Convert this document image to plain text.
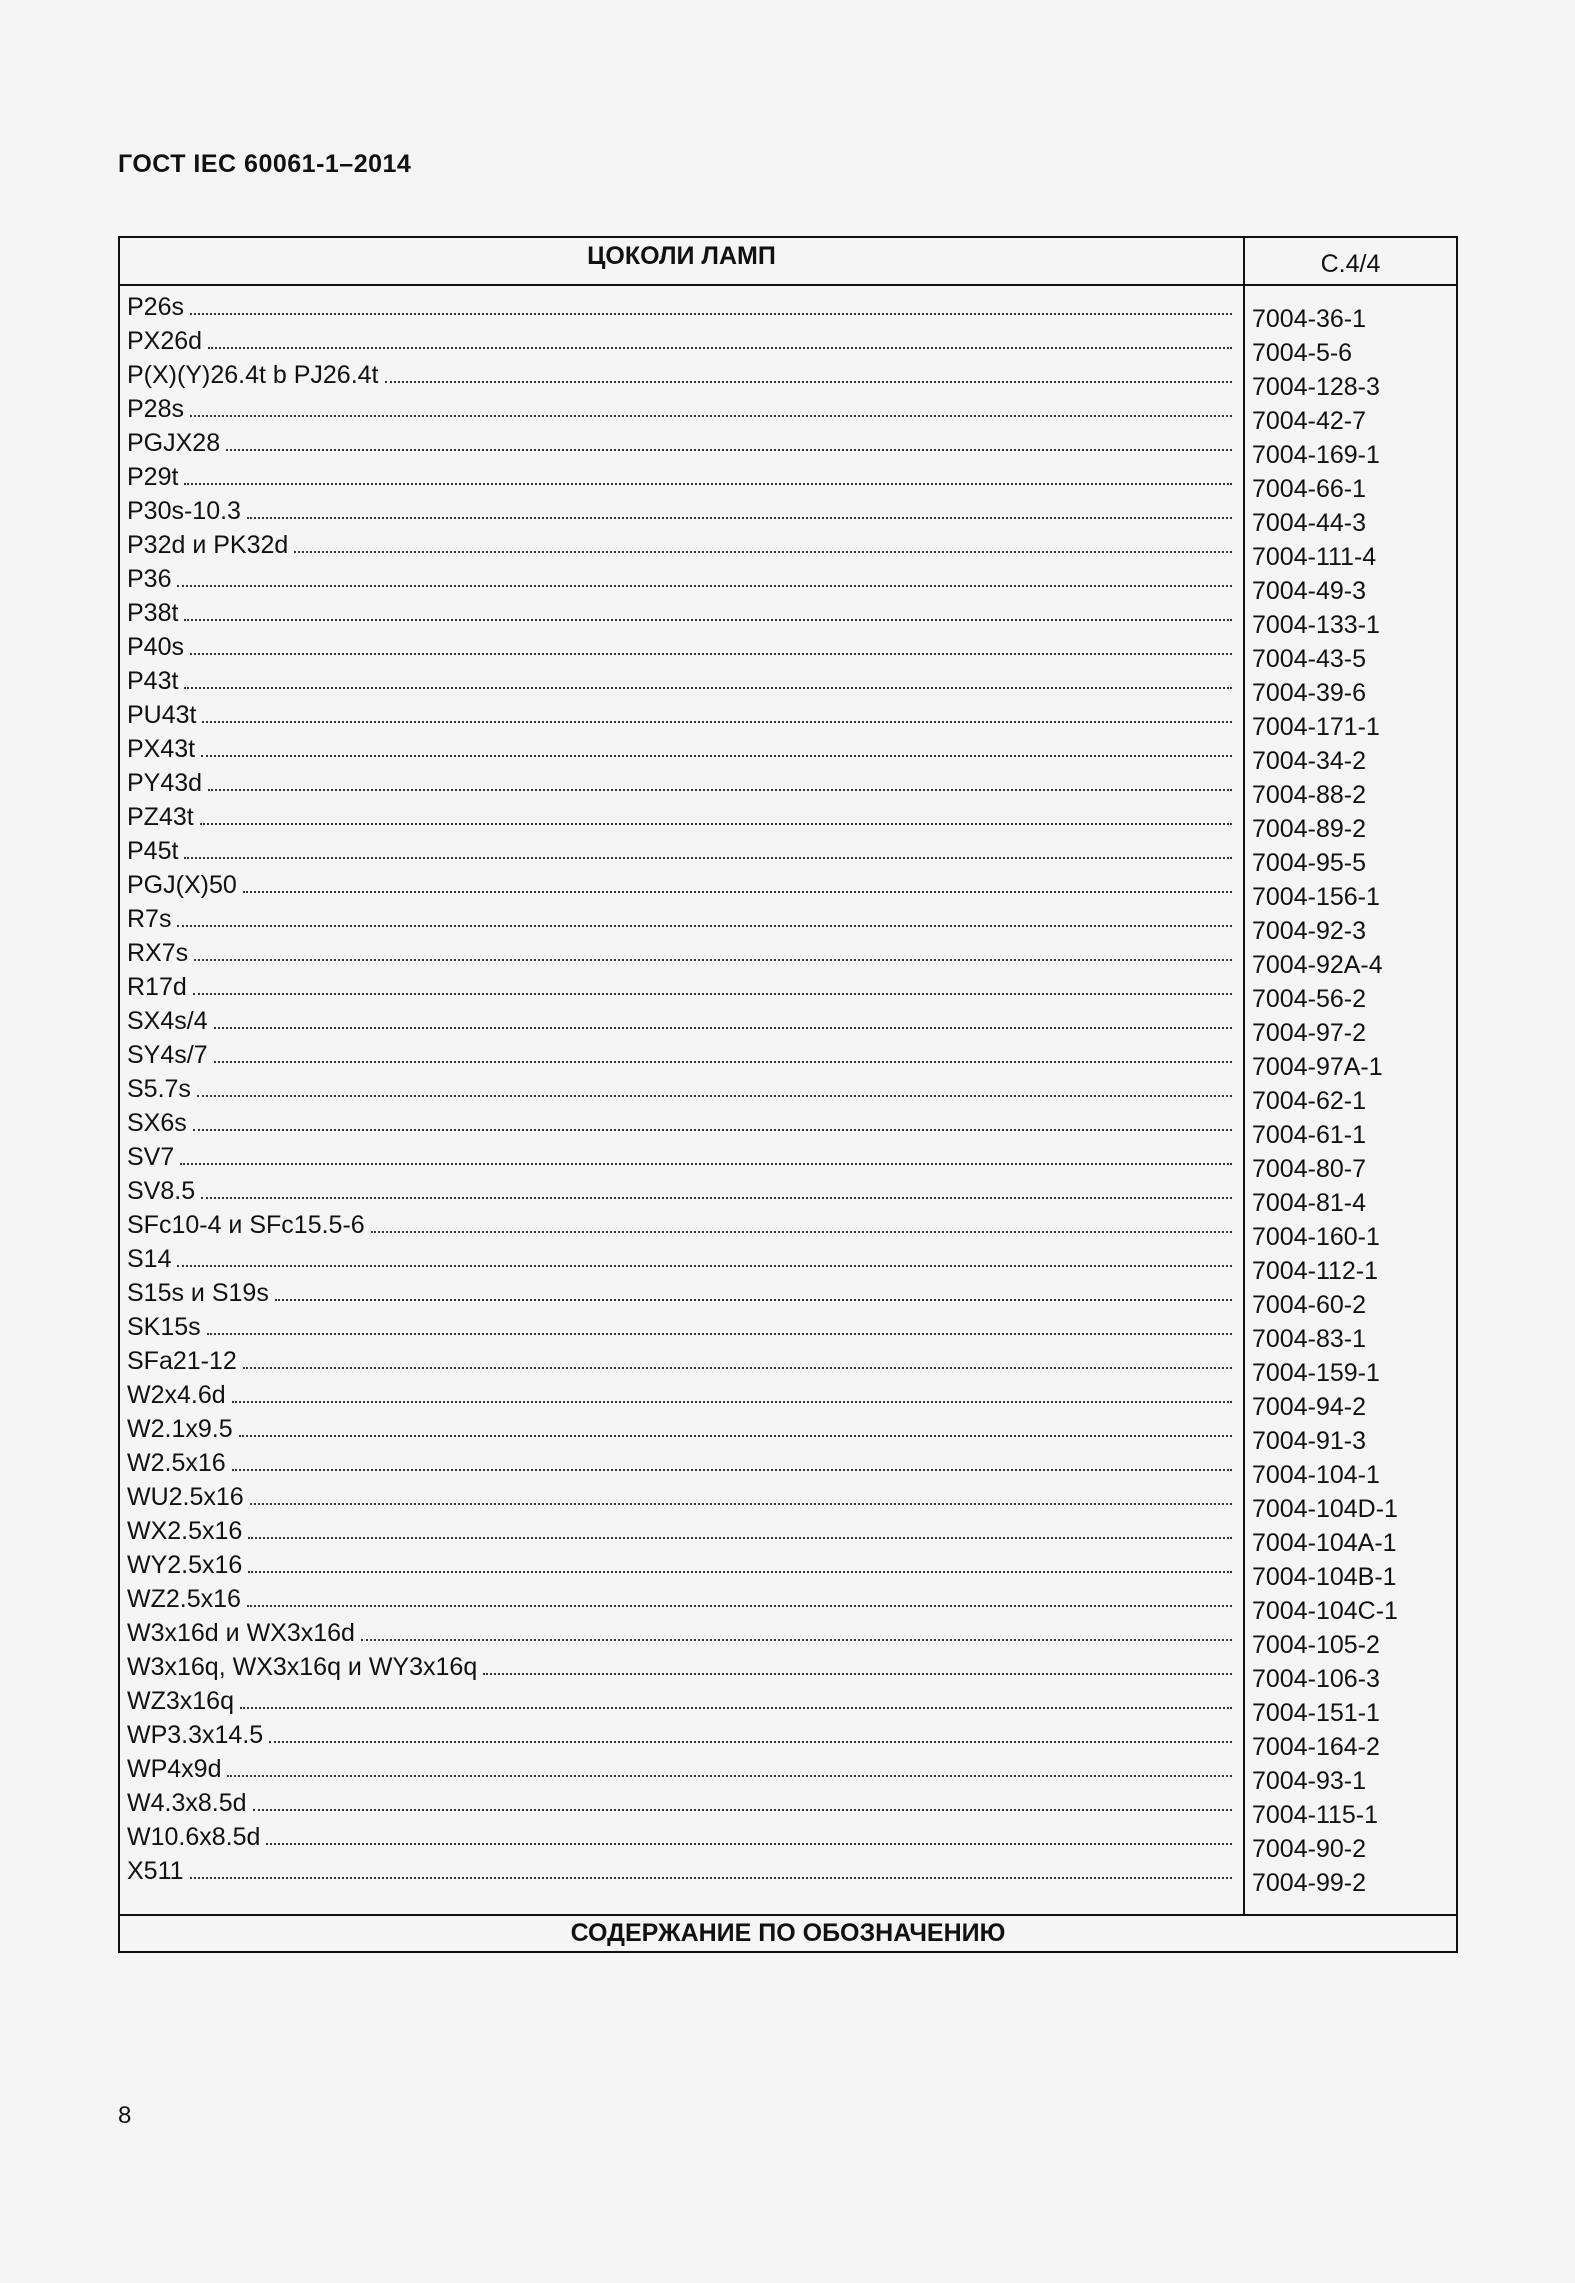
ГОСТ IEC 60061-1–2014
ЦОКОЛИ ЛАМП	C.4/4
P26s
PX26d
P(X)(Y)26.4t b PJ26.4t
P28s
PGJX28
P29t
P30s-10.3
P32d и PK32d
P36
P38t
P40s
P43t
PU43t
PX43t
PY43d
PZ43t
P45t
PGJ(X)50
R7s
RX7s
R17d
SX4s/4
SY4s/7
S5.7s
SX6s
SV7
SV8.5
SFc10-4 и SFc15.5-6
S14
S15s и S19s
SK15s
SFa21-12
W2x4.6d
W2.1x9.5
W2.5x16
WU2.5x16
WX2.5x16
WY2.5x16
WZ2.5x16
W3x16d и WX3x16d
W3x16q, WX3x16q и WY3x16q
WZ3x16q
WP3.3x14.5
WP4x9d
W4.3x8.5d
W10.6x8.5d
X511
7004-36-1
7004-5-6
7004-128-3
7004-42-7
7004-169-1
7004-66-1
7004-44-3
7004-111-4
7004-49-3
7004-133-1
7004-43-5
7004-39-6
7004-171-1
7004-34-2
7004-88-2
7004-89-2
7004-95-5
7004-156-1
7004-92-3
7004-92A-4
7004-56-2
7004-97-2
7004-97A-1
7004-62-1
7004-61-1
7004-80-7
7004-81-4
7004-160-1
7004-112-1
7004-60-2
7004-83-1
7004-159-1
7004-94-2
7004-91-3
7004-104-1
7004-104D-1
7004-104A-1
7004-104B-1
7004-104C-1
7004-105-2
7004-106-3
7004-151-1
7004-164-2
7004-93-1
7004-115-1
7004-90-2
7004-99-2
СОДЕРЖАНИЕ ПО ОБОЗНАЧЕНИЮ
8
